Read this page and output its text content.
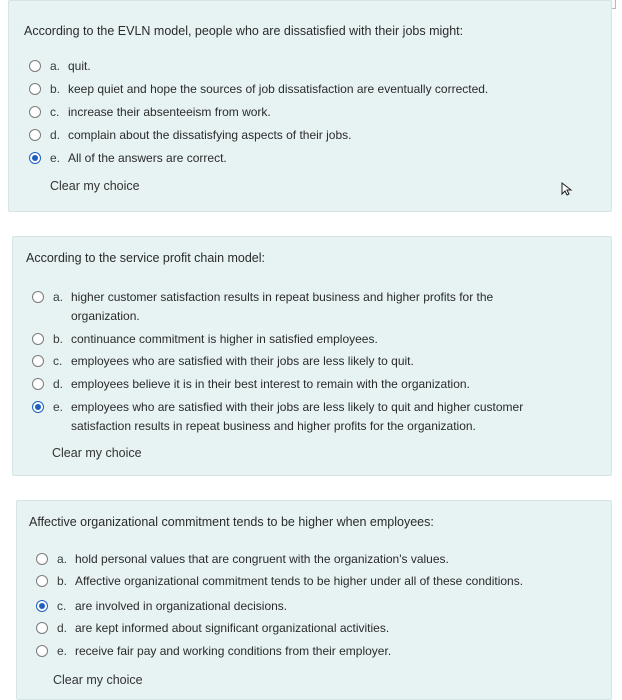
According to the EVLN model, people who are dissatisfied with their jobs might:
a. quit.
b. keep quiet and hope the sources of job dissatisfaction are eventually corrected.
c. increase their absenteeism from work.
d. complain about the dissatisfying aspects of their jobs.
e. All of the answers are correct.
Clear my choice
According to the service profit chain model:
a. higher customer satisfaction results in repeat business and higher profits for the organization.
b. continuance commitment is higher in satisfied employees.
c. employees who are satisfied with their jobs are less likely to quit.
d. employees believe it is in their best interest to remain with the organization.
e. employees who are satisfied with their jobs are less likely to quit and higher customer satisfaction results in repeat business and higher profits for the organization.
Clear my choice
Affective organizational commitment tends to be higher when employees:
a. hold personal values that are congruent with the organization's values.
b. Affective organizational commitment tends to be higher under all of these conditions.
c. are involved in organizational decisions.
d. are kept informed about significant organizational activities.
e. receive fair pay and working conditions from their employer.
Clear my choice
